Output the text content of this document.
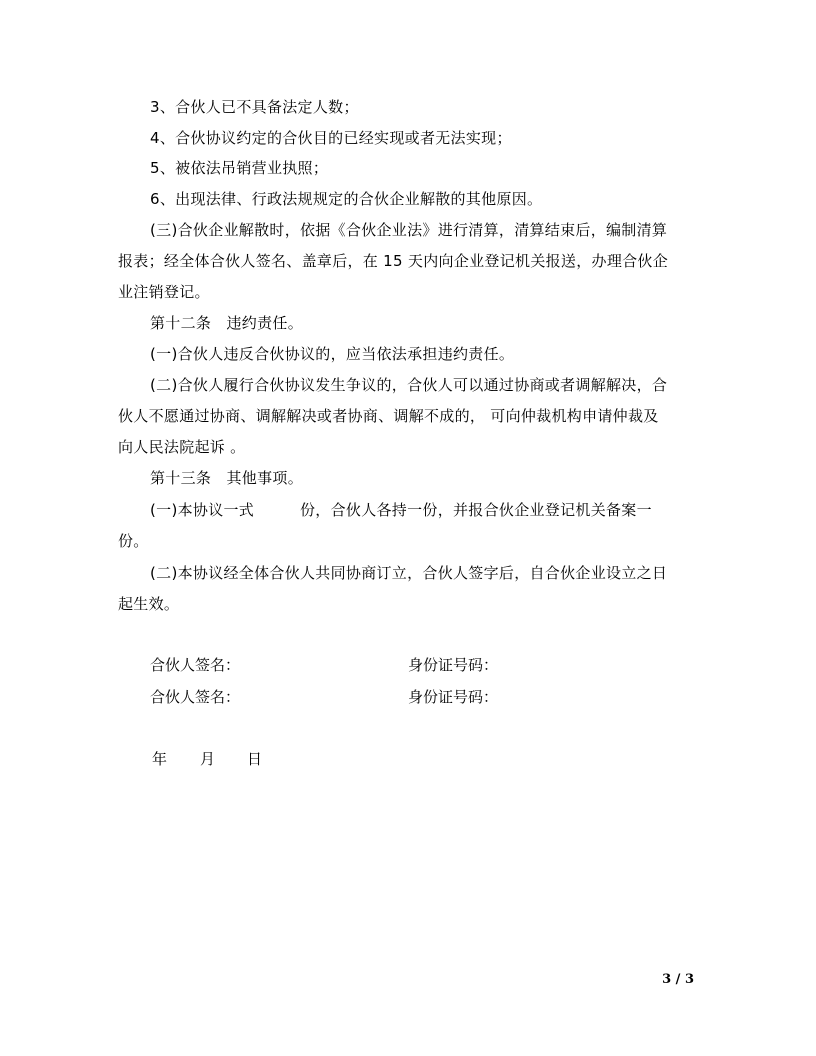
3、合伙人已不具备法定人数；
4、合伙协议约定的合伙目的已经实现或者无法实现；
5、被依法吊销营业执照；
6、出现法律、行政法规规定的合伙企业解散的其他原因。
(三)合伙企业解散时，依据《合伙企业法》进行清算，清算结束后，编制清算
报表；经全体合伙人签名、盖章后，在 15 天内向企业登记机关报送，办理合伙企
业注销登记。
第十二条　违约责任。
(一)合伙人违反合伙协议的，应当依法承担违约责任。
(二)合伙人履行合伙协议发生争议的，合伙人可以通过协商或者调解解决，合
伙人不愿通过协商、调解解决或者协商、调解不成的， 可向仲裁机构申请仲裁及
向人民法院起诉 。
第十三条　其他事项。
(一)本协议一式　　　份，合伙人各持一份，并报合伙企业登记机关备案一
份。
(二)本协议经全体合伙人共同协商订立，合伙人签字后，自合伙企业设立之日
起生效。
合伙人签名：	身份证号码：
合伙人签名：	身份证号码：
年 月 日
3 / 3
